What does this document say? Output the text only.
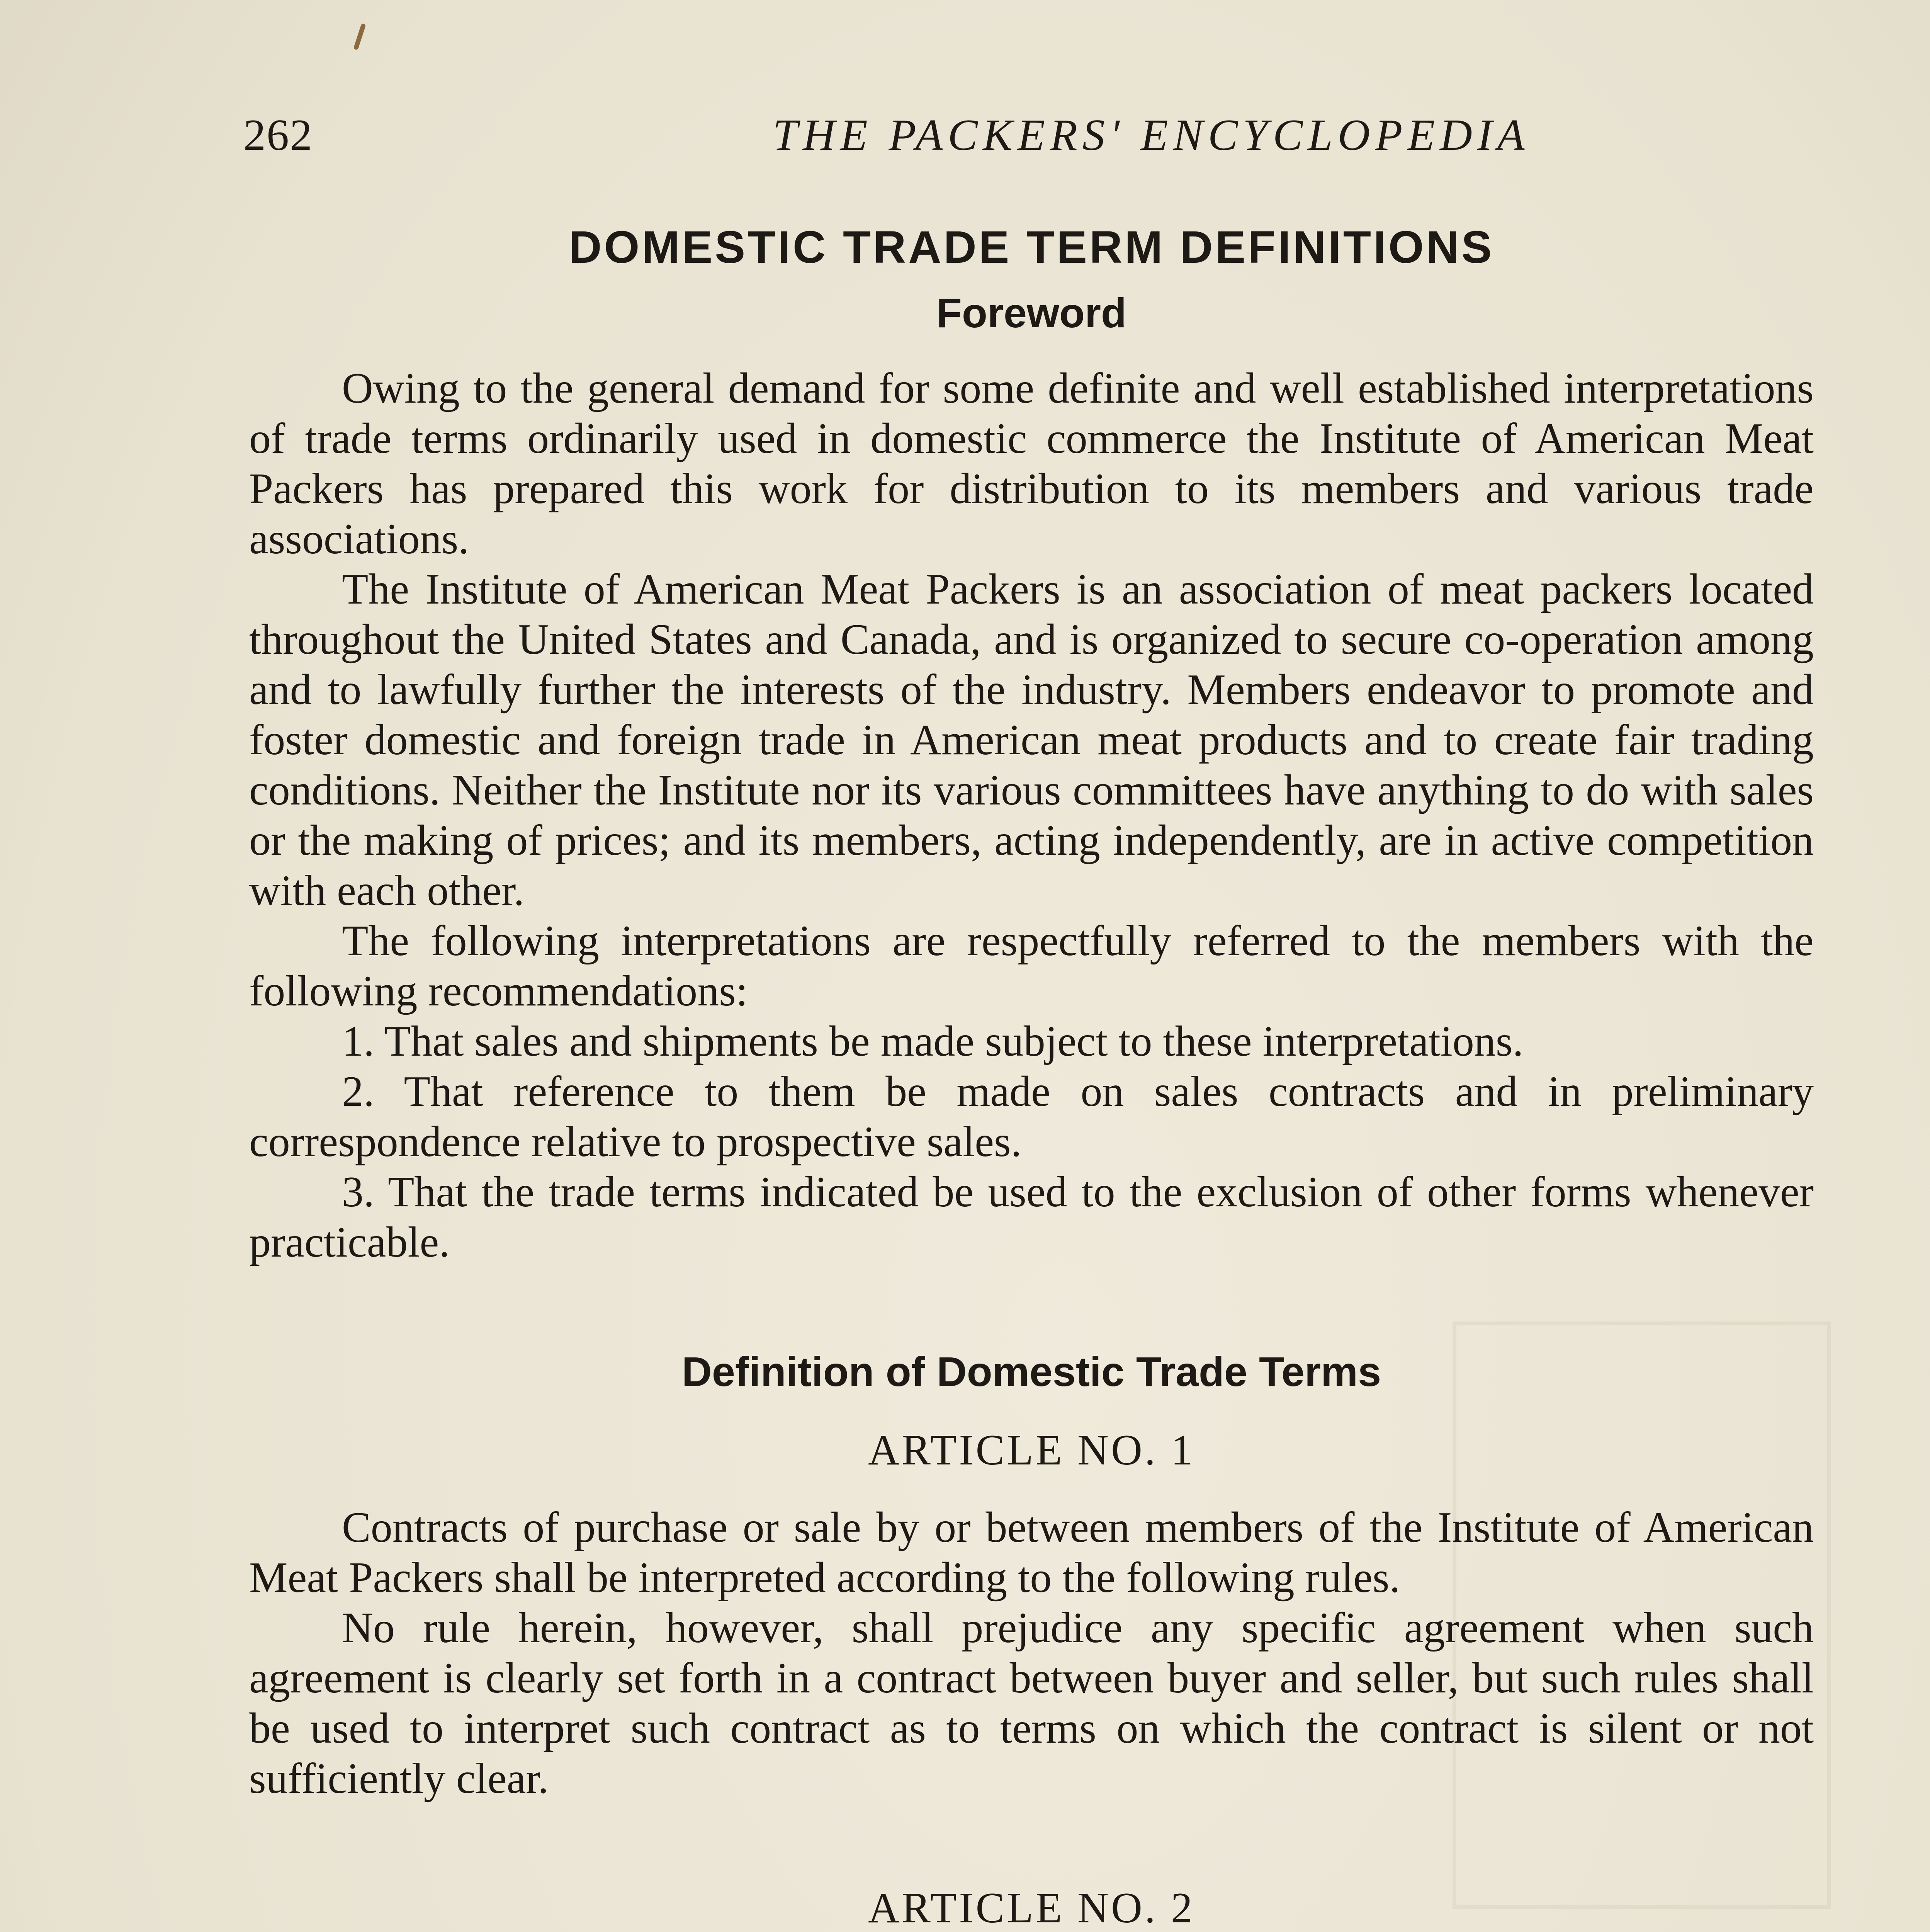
262	THE PACKERS' ENCYCLOPEDIA
DOMESTIC TRADE TERM DEFINITIONS
Foreword

Owing to the general demand for some definite and well established interpretations of trade terms ordinarily used in domestic commerce the Institute of American Meat Packers has prepared this work for distribution to its members and various trade associations.

The Institute of American Meat Packers is an association of meat packers located throughout the United States and Canada, and is organized to secure co-operation among and to lawfully further the interests of the industry. Members endeavor to promote and foster domestic and foreign trade in American meat products and to create fair trading conditions. Neither the Institute nor its various committees have anything to do with sales or the making of prices; and its members, acting independently, are in active competition with each other.

The following interpretations are respectfully referred to the members with the following recommendations:

1. That sales and shipments be made subject to these interpretations.

2. That reference to them be made on sales contracts and in preliminary correspondence relative to prospective sales.

3. That the trade terms indicated be used to the exclusion of other forms whenever practicable.

Definition of Domestic Trade Terms
ARTICLE NO. 1

Contracts of purchase or sale by or between members of the Institute of American Meat Packers shall be interpreted according to the following rules.

No rule herein, however, shall prejudice any specific agreement when such agreement is clearly set forth in a contract between buyer and seller, but such rules shall be used to interpret such contract as to terms on which the contract is silent or not sufficiently clear.

ARTICLE NO. 2
